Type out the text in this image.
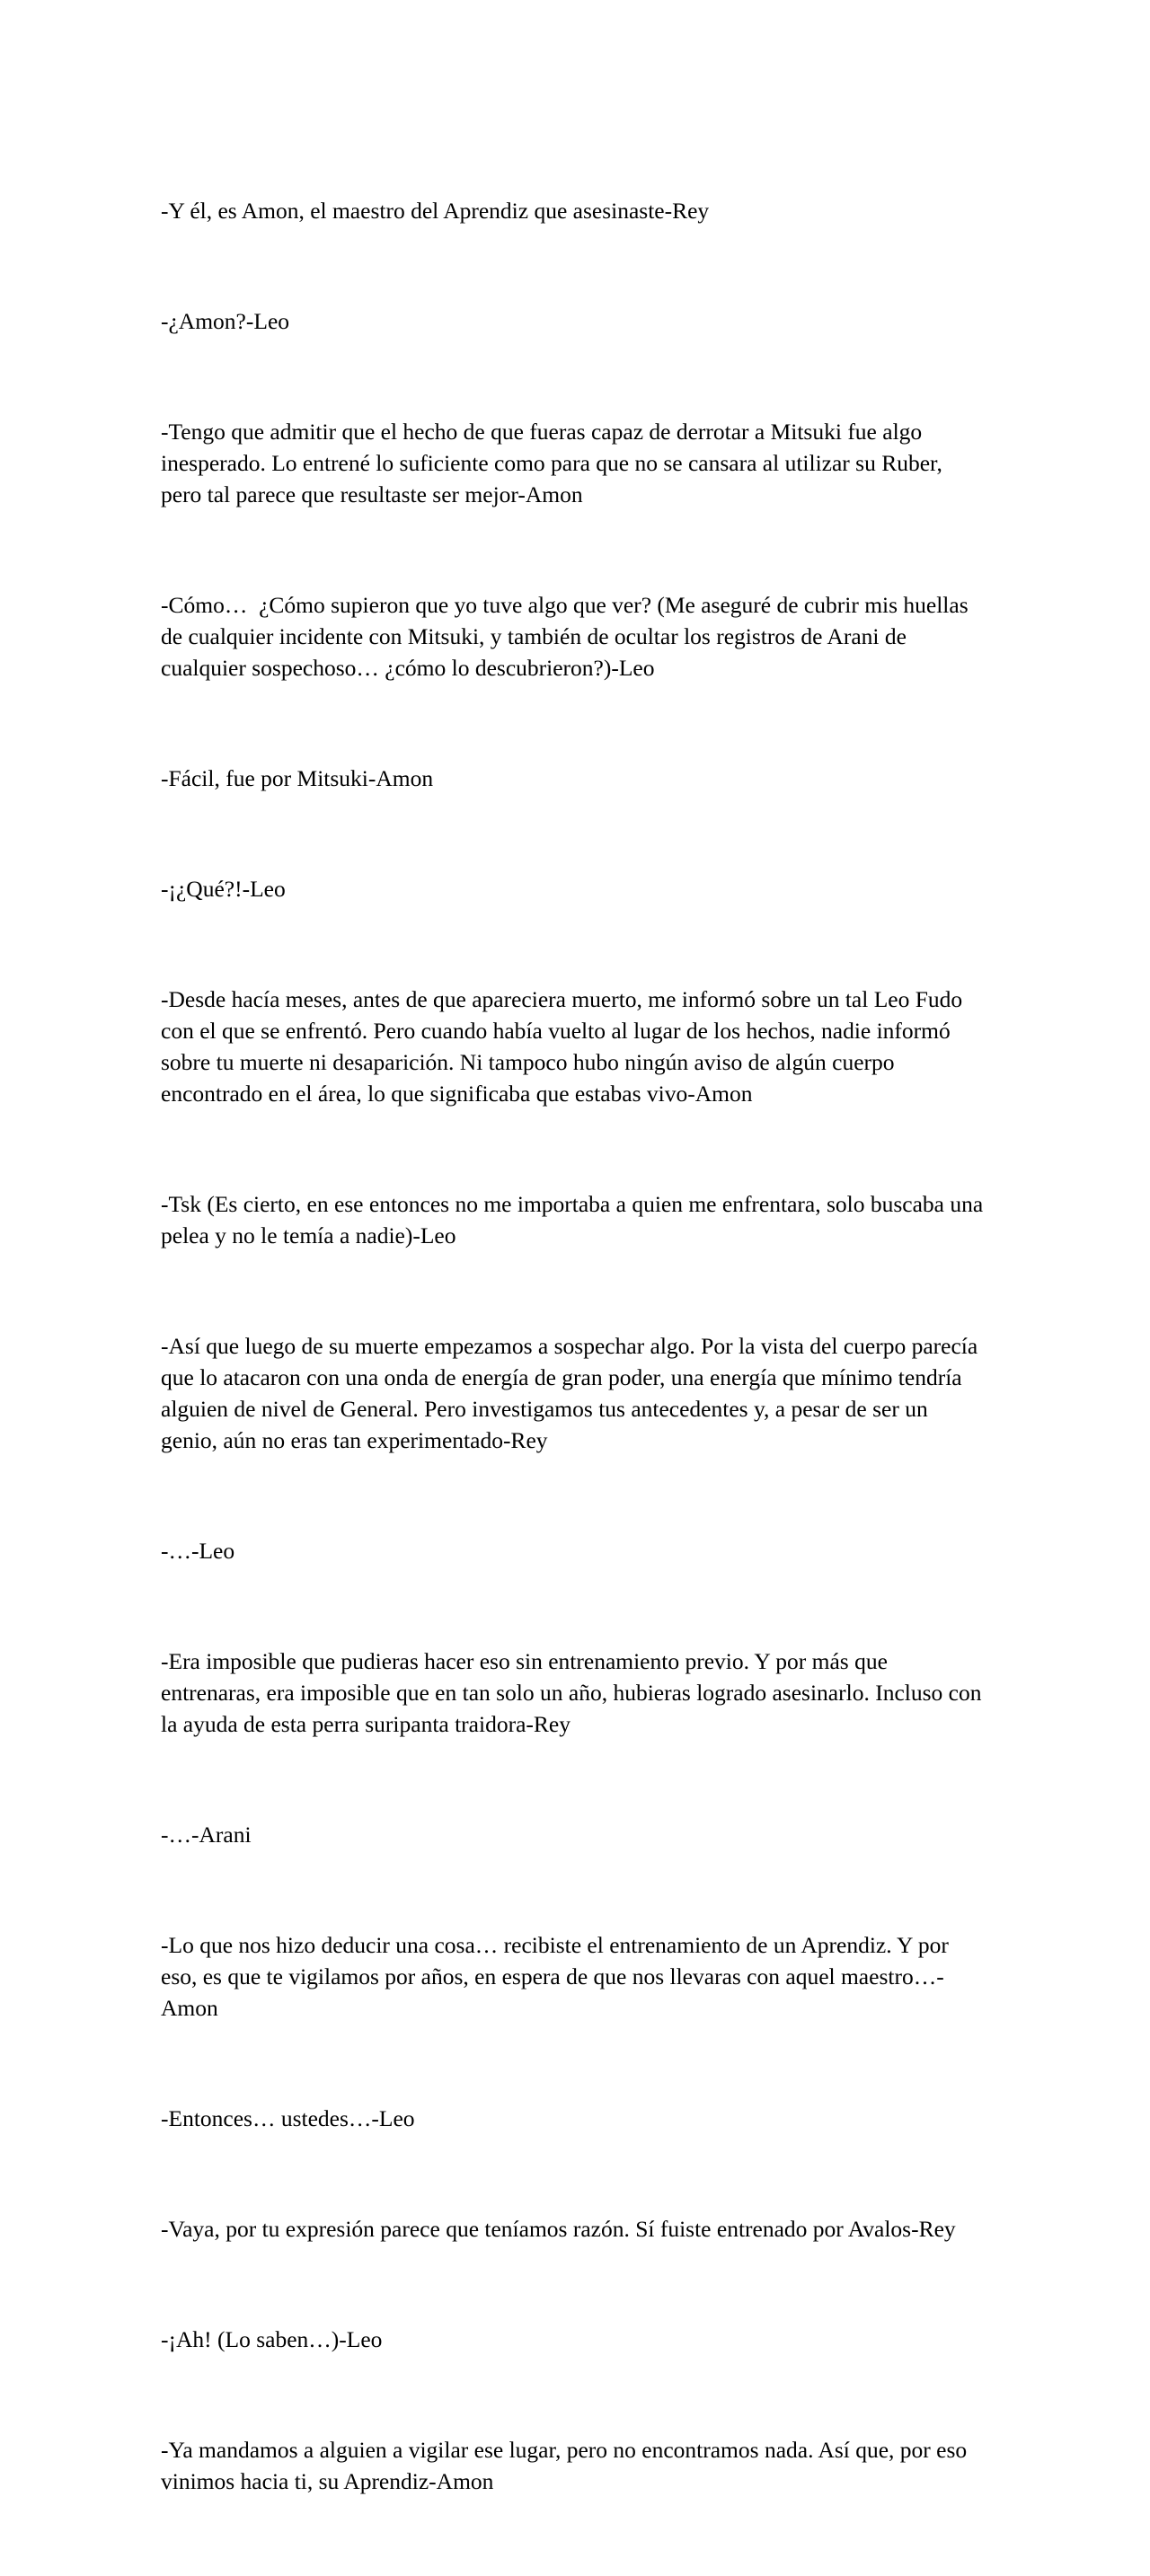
-Y él, es Amon, el maestro del Aprendiz que asesinaste-Rey

-¿Amon?-Leo

-Tengo que admitir que el hecho de que fueras capaz de derrotar a Mitsuki fue algo inesperado. Lo entrené lo suficiente como para que no se cansara al utilizar su Ruber, pero tal parece que resultaste ser mejor-Amon

-Cómo…  ¿Cómo supieron que yo tuve algo que ver? (Me aseguré de cubrir mis huellas de cualquier incidente con Mitsuki, y también de ocultar los registros de Arani de cualquier sospechoso… ¿cómo lo descubrieron?)-Leo

-Fácil, fue por Mitsuki-Amon

-¡¿Qué?!-Leo

-Desde hacía meses, antes de que apareciera muerto, me informó sobre un tal Leo Fudo con el que se enfrentó. Pero cuando había vuelto al lugar de los hechos, nadie informó sobre tu muerte ni desaparición. Ni tampoco hubo ningún aviso de algún cuerpo encontrado en el área, lo que significaba que estabas vivo-Amon

-Tsk (Es cierto, en ese entonces no me importaba a quien me enfrentara, solo buscaba una pelea y no le temía a nadie)-Leo

-Así que luego de su muerte empezamos a sospechar algo. Por la vista del cuerpo parecía que lo atacaron con una onda de energía de gran poder, una energía que mínimo tendría alguien de nivel de General. Pero investigamos tus antecedentes y, a pesar de ser un genio, aún no eras tan experimentado-Rey

-…-Leo

-Era imposible que pudieras hacer eso sin entrenamiento previo. Y por más que entrenaras, era imposible que en tan solo un año, hubieras logrado asesinarlo. Incluso con la ayuda de esta perra suripanta traidora-Rey

-…-Arani

-Lo que nos hizo deducir una cosa… recibiste el entrenamiento de un Aprendiz. Y por eso, es que te vigilamos por años, en espera de que nos llevaras con aquel maestro…-Amon

-Entonces… ustedes…-Leo

-Vaya, por tu expresión parece que teníamos razón. Sí fuiste entrenado por Avalos-Rey

-¡Ah! (Lo saben…)-Leo

-Ya mandamos a alguien a vigilar ese lugar, pero no encontramos nada. Así que, por eso vinimos hacia ti, su Aprendiz-Amon
